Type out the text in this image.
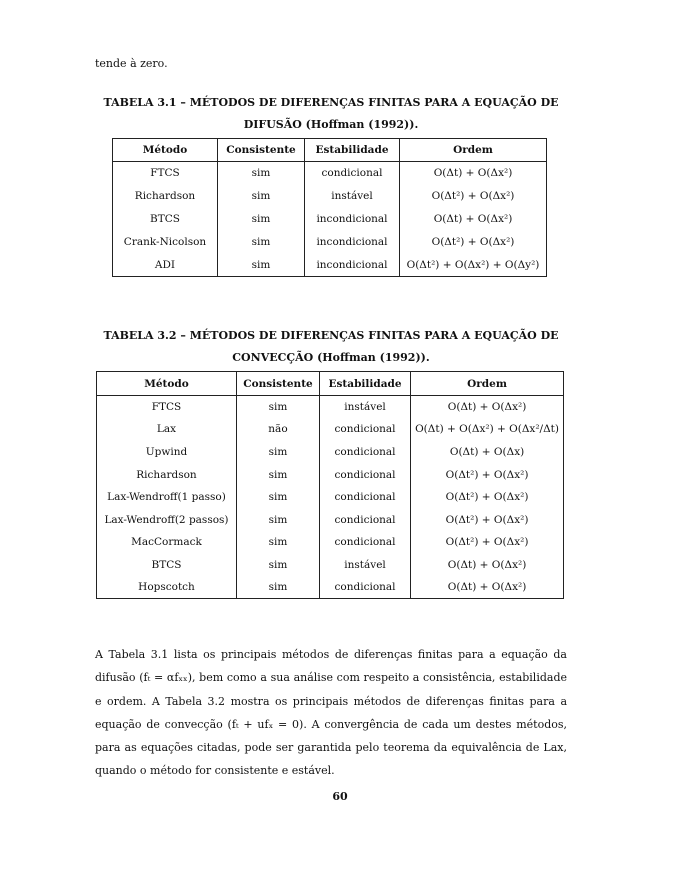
tende à zero.
TABELA 3.1 – MÉTODOS DE DIFERENÇAS FINITAS PARA A EQUAÇÃO DE
DIFUSÃO (Hoffman (1992)).
Método	Consistente	Estabilidade	Ordem
FTCS	sim	condicional	O(Δt) + O(Δx²)
Richardson	sim	instável	O(Δt²) + O(Δx²)
BTCS	sim	incondicional	O(Δt) + O(Δx²)
Crank-Nicolson	sim	incondicional	O(Δt²) + O(Δx²)
ADI	sim	incondicional	O(Δt²) + O(Δx²) + O(Δy²)
TABELA 3.2 – MÉTODOS DE DIFERENÇAS FINITAS PARA A EQUAÇÃO DE
CONVECÇÃO (Hoffman (1992)).
Método	Consistente	Estabilidade	Ordem
FTCS	sim	instável	O(Δt) + O(Δx²)
Lax	não	condicional	O(Δt) + O(Δx²) + O(Δx²/Δt)
Upwind	sim	condicional	O(Δt) + O(Δx)
Richardson	sim	condicional	O(Δt²) + O(Δx²)
Lax-Wendroff(1 passo)	sim	condicional	O(Δt²) + O(Δx²)
Lax-Wendroff(2 passos)	sim	condicional	O(Δt²) + O(Δx²)
MacCormack	sim	condicional	O(Δt²) + O(Δx²)
BTCS	sim	instável	O(Δt) + O(Δx²)
Hopscotch	sim	condicional	O(Δt) + O(Δx²)
A Tabela 3.1 lista os principais métodos de diferenças finitas para a equação da difusão (fₜ = αfₓₓ), bem como a sua análise com respeito a consistência, estabilidade e ordem. A Tabela 3.2 mostra os principais métodos de diferenças finitas para a equação de convecção (fₜ + ufₓ = 0). A convergência de cada um destes métodos, para as equações citadas, pode ser garantida pelo teorema da equivalência de Lax, quando o método for consistente e estável.
60
